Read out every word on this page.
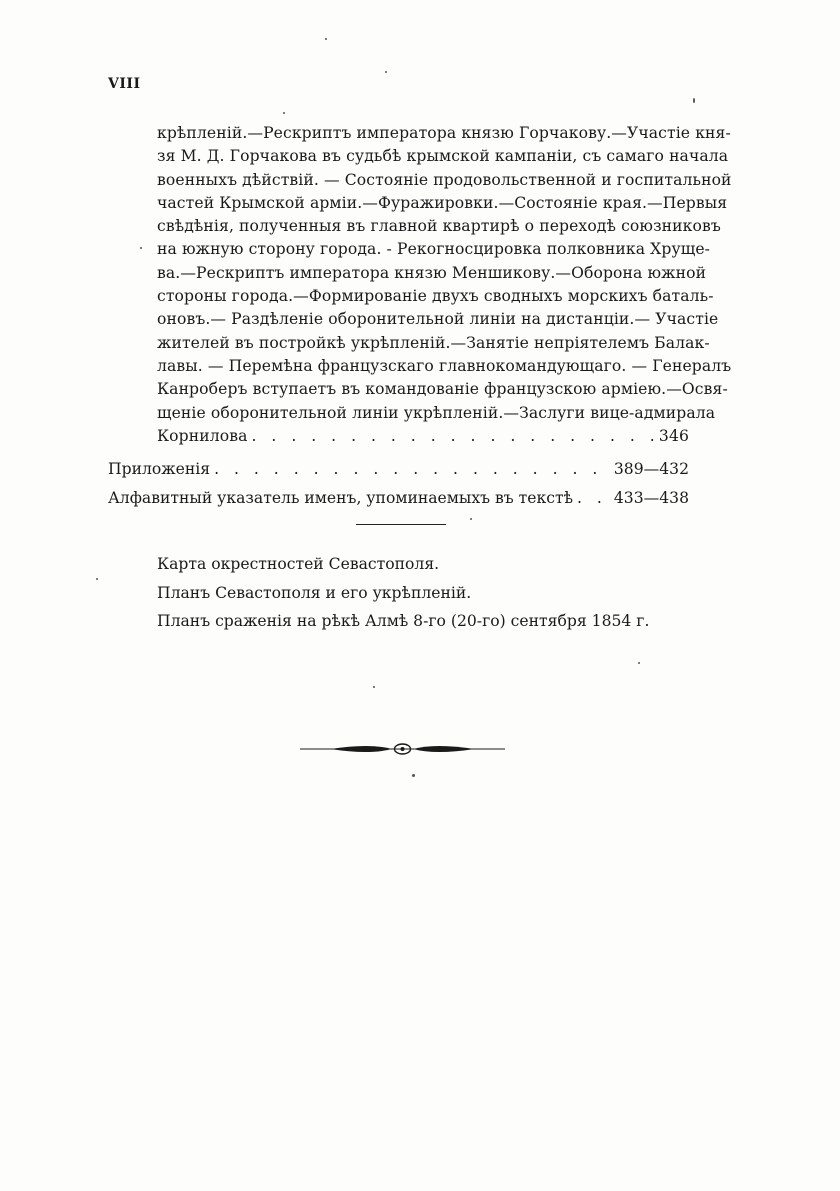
VIII
крѣпленій.—Рескриптъ императора князю Горчакову.—Участіе кня-
зя М. Д. Горчакова въ судьбѣ крымской кампаніи, съ самаго начала
военныхъ дѣйствій. — Состояніе продовольственной и госпитальной
частей Крымской арміи.—Фуражировки.—Состояніе края.—Первыя
свѣдѣнія, полученныя въ главной квартирѣ о переходѣ союзниковъ
на южную сторону города. - Рекогносцировка полковника Хруще-
ва.—Рескриптъ императора князю Меншикову.—Оборона южной
стороны города.—Формированіе двухъ сводныхъ морскихъ баталь-
оновъ.— Раздѣленіе оборонительной линіи на дистанціи.— Участіе
жителей въ постройкѣ укрѣпленій.—Занятіе непріятелемъ Балак-
лавы. — Перемѣна французскаго главнокомандующаго. — Генералъ
Канроберъ вступаетъ въ командованіе французскою арміею.—Освя-
щеніе оборонительной линіи укрѣпленій.—Заслуги вице-адмирала
Корнилова . . .	346
Приложенія . . .	389—432
Алфавитный указатель именъ, упоминаемыхъ въ текстѣ . . .	433—438
Карта окрестностей Севастополя.
Планъ Севастополя и его укрѣпленій.
Планъ сраженія на рѣкѣ Алмѣ 8-го (20-го) сентября 1854 г.
